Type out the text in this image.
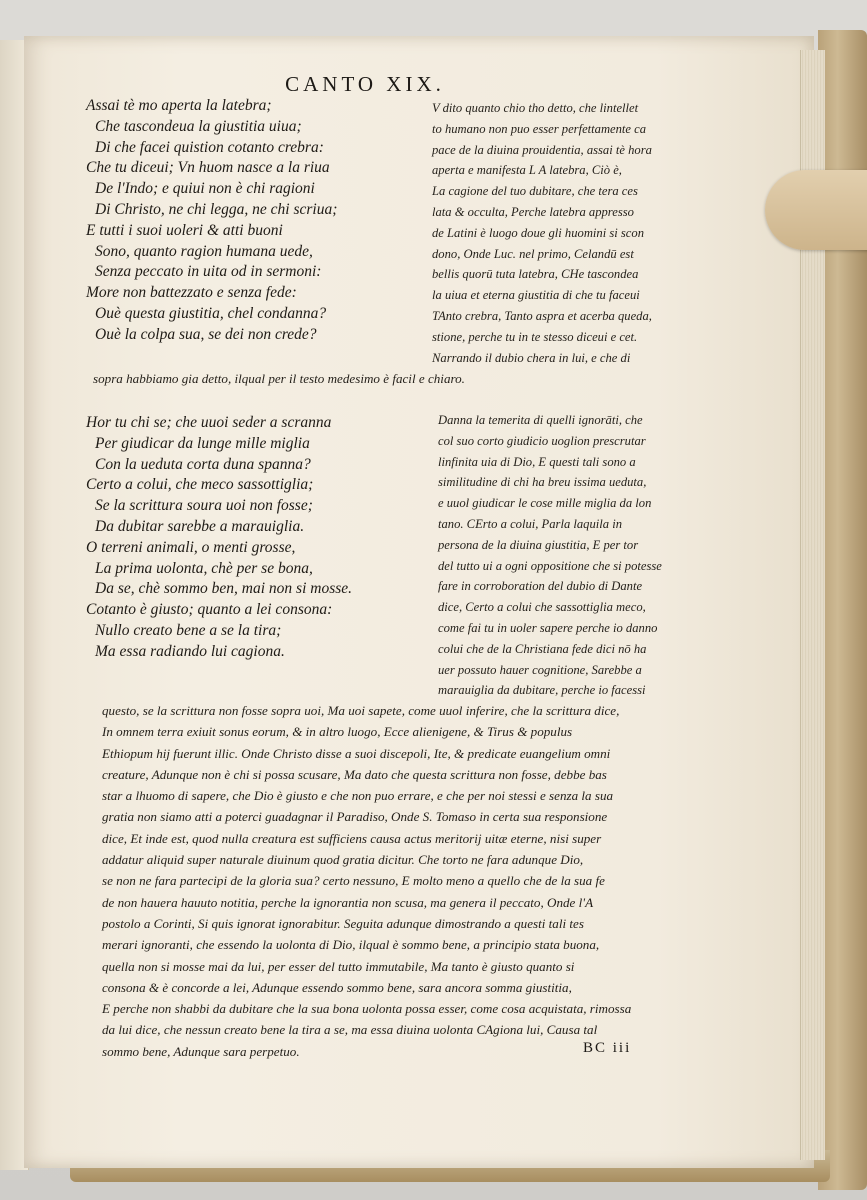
CANTO XIX.
Assai tè mo aperta la latebra;
Che tascondeua la giustitia uiua;
Di che facei quistion cotanto crebra:
Che tu diceui; Vn huom nasce a la riua
De l'Indo; e quiui non è chi ragioni
Di Christo, ne chi legga, ne chi scriua;
E tutti i suoi uoleri & atti buoni
Sono, quanto ragion humana uede,
Senza peccato in uita od in sermoni:
More non battezzato e senza fede:
Ouè questa giustitia, chel condanna?
Ouè la colpa sua, se dei non crede?
V dito quanto chio tho detto, che lintellet
to humano non puo esser perfettamente ca
pace de la diuina prouidentia, assai tè hora
aperta e manifesta L A latebra, Ciò è,
La cagione del tuo dubitare, che tera ces
lata & occulta, Perche latebra appresso
de Latini è luogo doue gli huomini si scon
dono, Onde Luc. nel primo, Celandū est
bellis quorū tuta latebra, CHe tascondea
la uiua et eterna giustitia di che tu faceui
TAnto crebra, Tanto aspra et acerba queda,
stione, perche tu in te stesso diceui e cet.
Narrando il dubio chera in lui, e che di
sopra habbiamo gia detto, ilqual per il testo medesimo è facil e chiaro.
Hor tu chi se; che uuoi seder a scranna
Per giudicar da lunge mille miglia
Con la ueduta corta duna spanna?
Certo a colui, che meco sassottiglia;
Se la scrittura soura uoi non fosse;
Da dubitar sarebbe a marauiglia.
O terreni animali, o menti grosse,
La prima uolonta, chè per se bona,
Da se, chè sommo ben, mai non si mosse.
Cotanto è giusto; quanto a lei consona:
Nullo creato bene a se la tira;
Ma essa radiando lui cagiona.
Danna la temerita di quelli ignorāti, che
col suo corto giudicio uoglion prescrutar
linfinita uia di Dio, E questi tali sono a
similitudine di chi ha breu issima ueduta,
e uuol giudicar le cose mille miglia da lon
tano. CErto a colui, Parla laquila in
persona de la diuina giustitia, E per tor
del tutto ui a ogni oppositione che si potesse
fare in corroboration del dubio di Dante
dice, Certo a colui che sassottiglia meco,
come fai tu in uoler sapere perche io danno
colui che de la Christiana fede dici nō ha
uer possuto hauer cognitione, Sarebbe a
marauiglia da dubitare, perche io facessi
questo, se la scrittura non fosse sopra uoi, Ma uoi sapete, come uuol inferire, che la scrittura dice,
In omnem terra exiuit sonus eorum, & in altro luogo, Ecce alienigene, & Tirus & populus
Ethiopum hij fuerunt illic. Onde Christo disse a suoi discepoli, Ite, & predicate euangelium omni
creature, Adunque non è chi si possa scusare, Ma dato che questa scrittura non fosse, debbe bas
star a lhuomo di sapere, che Dio è giusto e che non puo errare, e che per noi stessi e senza la sua
gratia non siamo atti a poterci guadagnar il Paradiso, Onde S. Tomaso in certa sua responsione
dice, Et inde est, quod nulla creatura est sufficiens causa actus meritorij uitæ eterne, nisi super
addatur aliquid super naturale diuinum quod gratia dicitur. Che torto ne fara adunque Dio,
se non ne fara partecipi de la gloria sua? certo nessuno, E molto meno a quello che de la sua fe
de non hauera hauuto notitia, perche la ignorantia non scusa, ma genera il peccato, Onde l'A
postolo a Corinti, Si quis ignorat ignorabitur. Seguita adunque dimostrando a questi tali tes
merari ignoranti, che essendo la uolonta di Dio, ilqual è sommo bene, a principio stata buona,
quella non si mosse mai da lui, per esser del tutto immutabile, Ma tanto è giusto quanto si
consona & è concorde a lei, Adunque essendo sommo bene, sara ancora somma giustitia,
E perche non shabbi da dubitare che la sua bona uolonta possa esser, come cosa acquistata, rimossa
da lui dice, che nessun creato bene la tira a se, ma essa diuina uolonta CAgiona lui, Causa tal
sommo bene, Adunque sara perpetuo.	BC iii
